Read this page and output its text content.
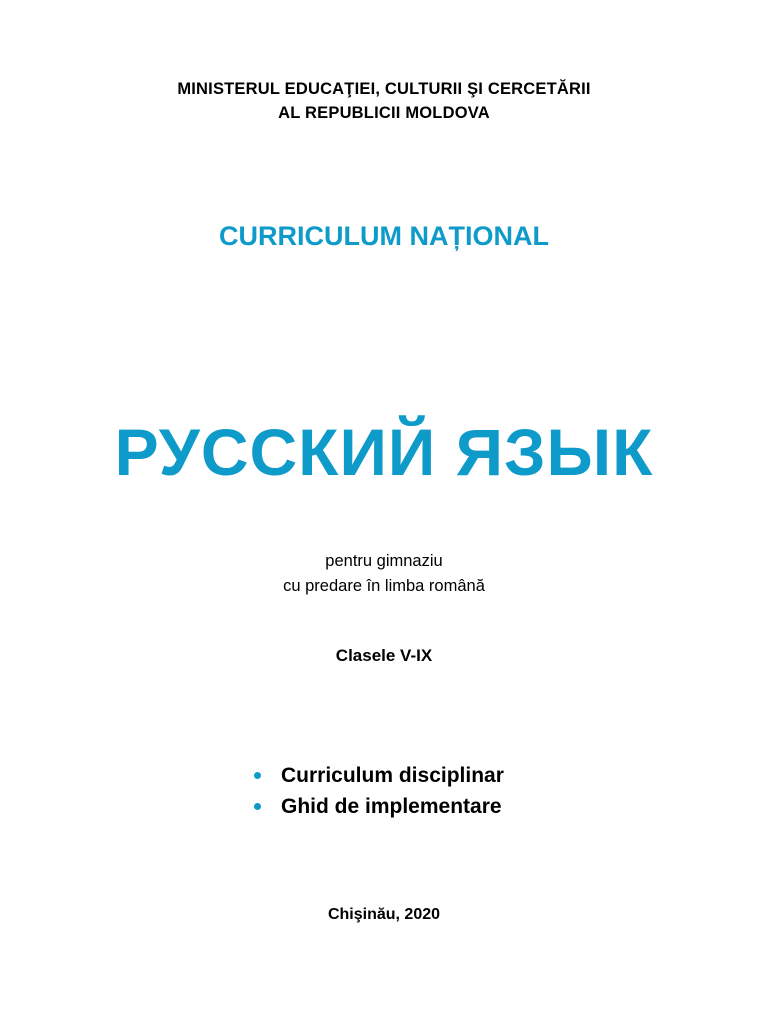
MINISTERUL EDUCAŢIEI, CULTURII ŞI CERCETĂRII
AL REPUBLICII MOLDOVA
CURRICULUM NAȚIONAL
РУССКИЙ ЯЗЫК
pentru gimnaziu
cu predare în limba română
Clasele V-IX
Curriculum disciplinar
Ghid de implementare
Chişinău, 2020
